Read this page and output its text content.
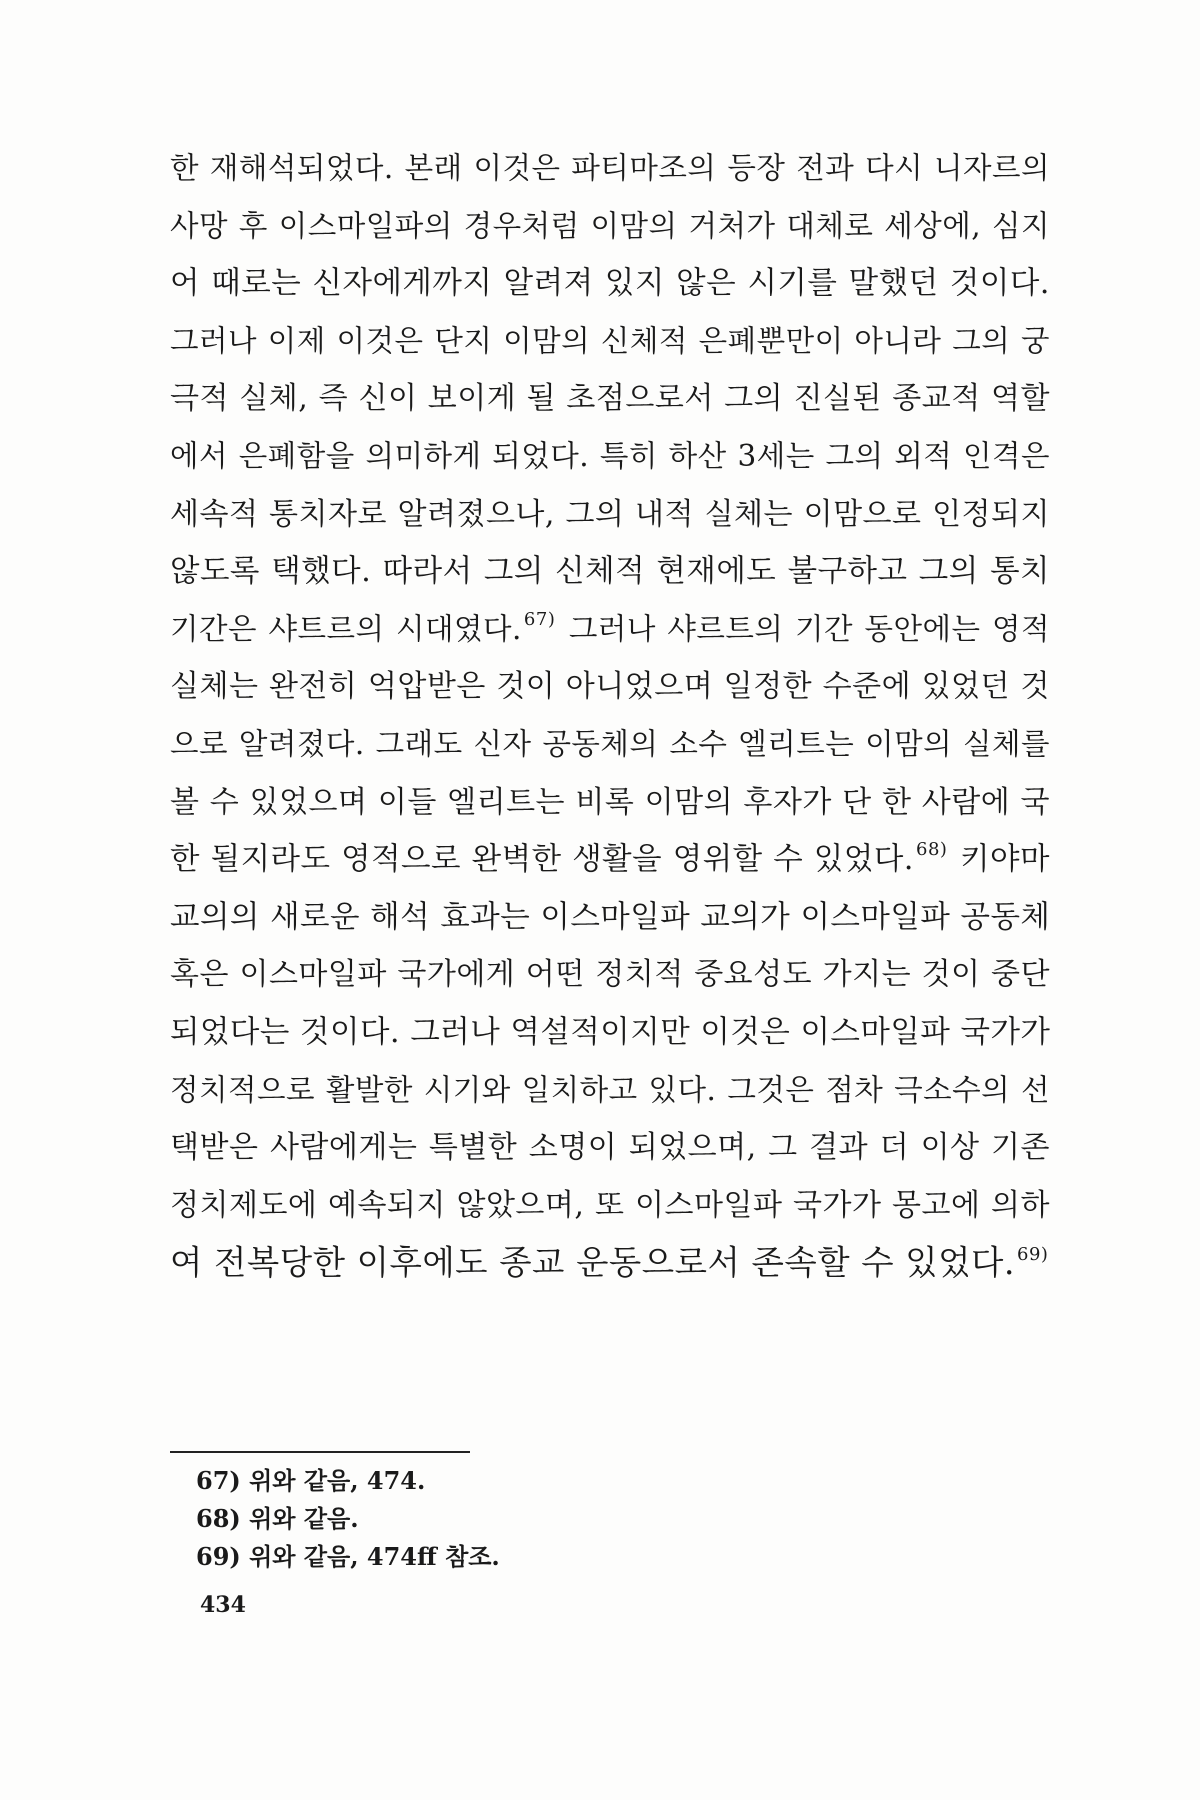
한 재해석되었다. 본래 이것은 파티마조의 등장 전과 다시 니자르의
사망 후 이스마일파의 경우처럼 이맘의 거처가 대체로 세상에, 심지
어 때로는 신자에게까지 알려져 있지 않은 시기를 말했던 것이다.
그러나 이제 이것은 단지 이맘의 신체적 은폐뿐만이 아니라 그의 궁
극적 실체, 즉 신이 보이게 될 초점으로서 그의 진실된 종교적 역할
에서 은폐함을 의미하게 되었다. 특히 하산 3세는 그의 외적 인격은
세속적 통치자로 알려졌으나, 그의 내적 실체는 이맘으로 인정되지
않도록 택했다. 따라서 그의 신체적 현재에도 불구하고 그의 통치
기간은 샤트르의 시대였다. $^{67)}$ 그러나 샤르트의 기간 동안에는 영적
실체는 완전히 억압받은 것이 아니었으며 일정한 수준에 있었던 것
으로 알려졌다. 그래도 신자 공동체의 소수 엘리트는 이맘의 실체를
볼 수 있었으며 이들 엘리트는 비록 이맘의 후자가 단 한 사람에 국
한 될지라도 영적으로 완벽한 생활을 영위할 수 있었다. $^{68)}$ 키야마
교의의 새로운 해석 효과는 이스마일파 교의가 이스마일파 공동체
혹은 이스마일파 국가에게 어떤 정치적 중요성도 가지는 것이 중단
되었다는 것이다. 그러나 역설적이지만 이것은 이스마일파 국가가
정치적으로 활발한 시기와 일치하고 있다. 그것은 점차 극소수의 선
택받은 사람에게는 특별한 소명이 되었으며, 그 결과 더 이상 기존
정치제도에 예속되지 않았으며, 또 이스마일파 국가가 몽고에 의하
여 전복당한 이후에도 종교 운동으로서 존속할 수 있었다. $^{69)}$
67) 위와 같음, 474.
68) 위와 같음.
69) 위와 같음, 474ff 참조.
434
